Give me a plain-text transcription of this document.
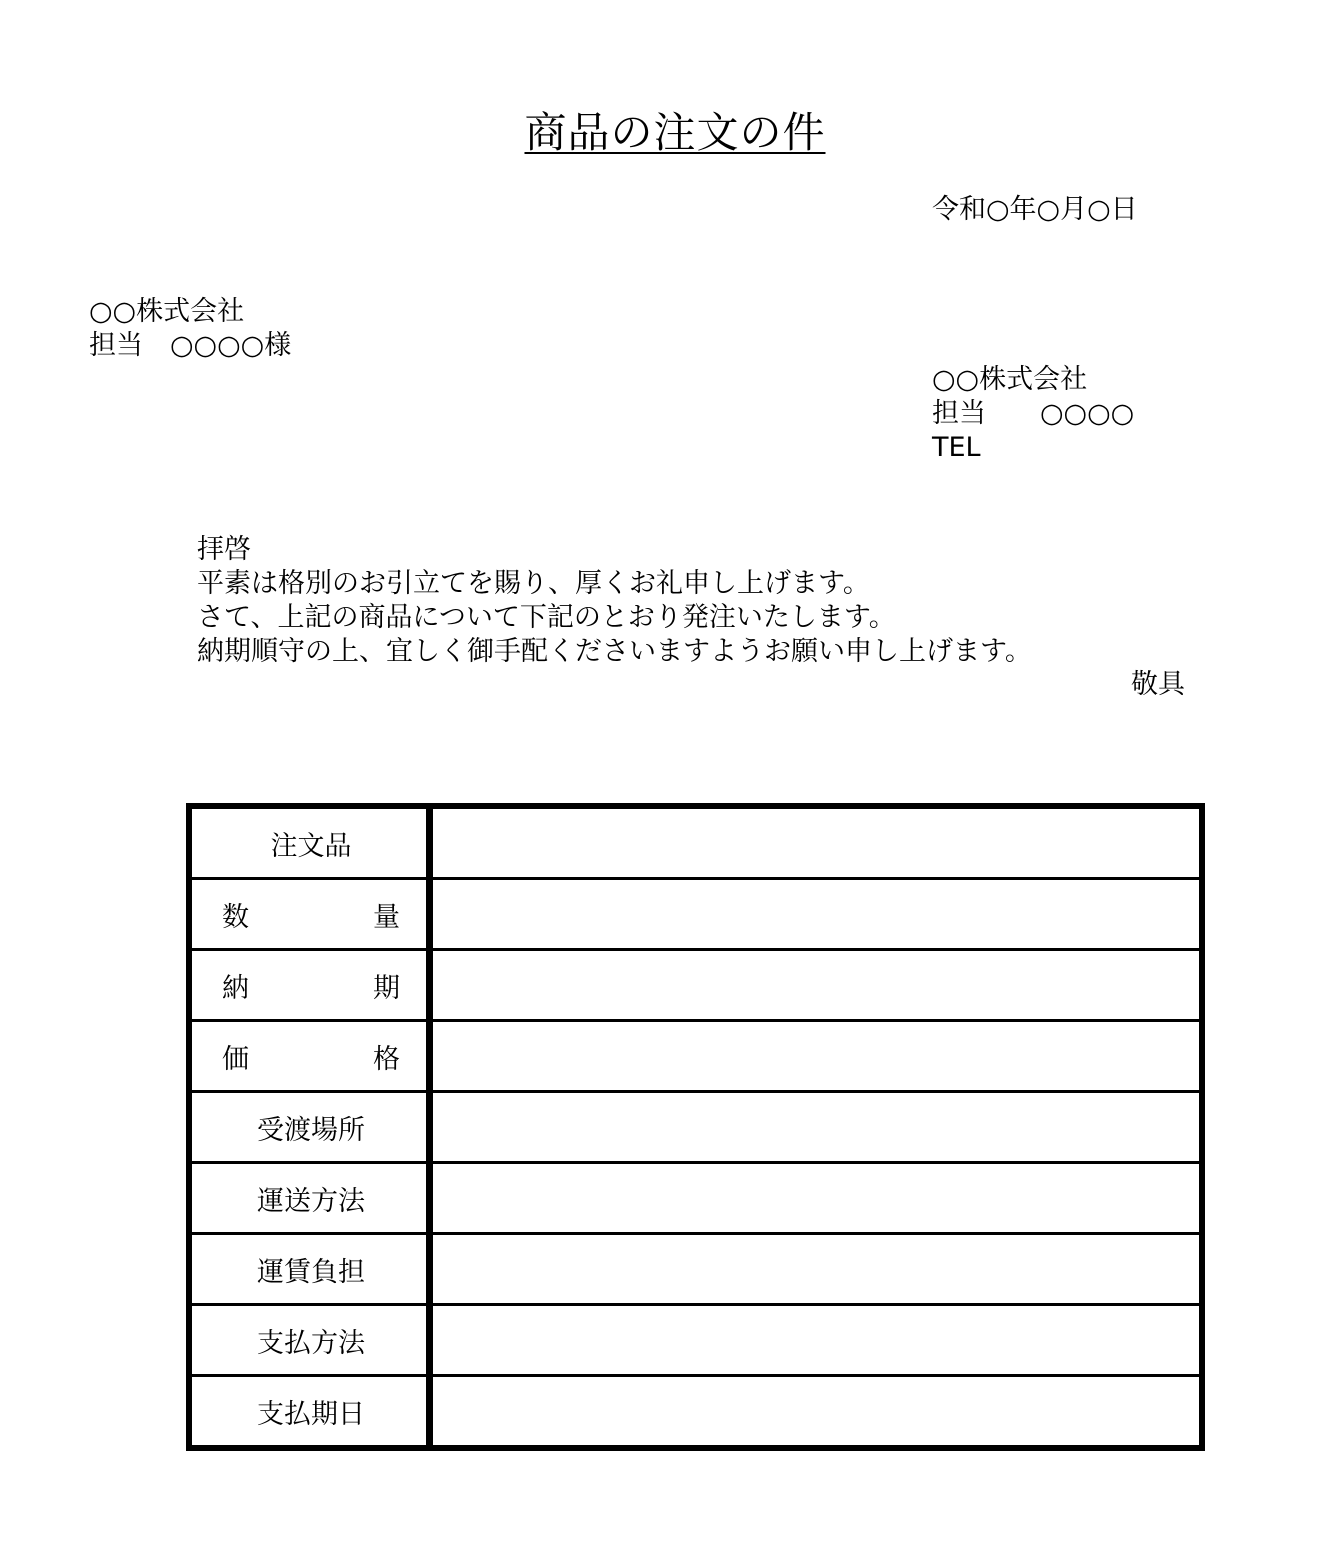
商品の注文の件
令和○年○月○日
○○株式会社
担当　○○○○様
○○株式会社
担当　　○○○○
TEL
拝啓
平素は格別のお引立てを賜り、厚くお礼申し上げます。
さて、上記の商品について下記のとおり発注いたします。
納期順守の上、宜しく御手配くださいますようお願い申し上げます。
敬具
注文品	

数 量	

納 期	

価 格	

受渡場所	

運送方法	

運賃負担	

支払方法	

支払期日	
